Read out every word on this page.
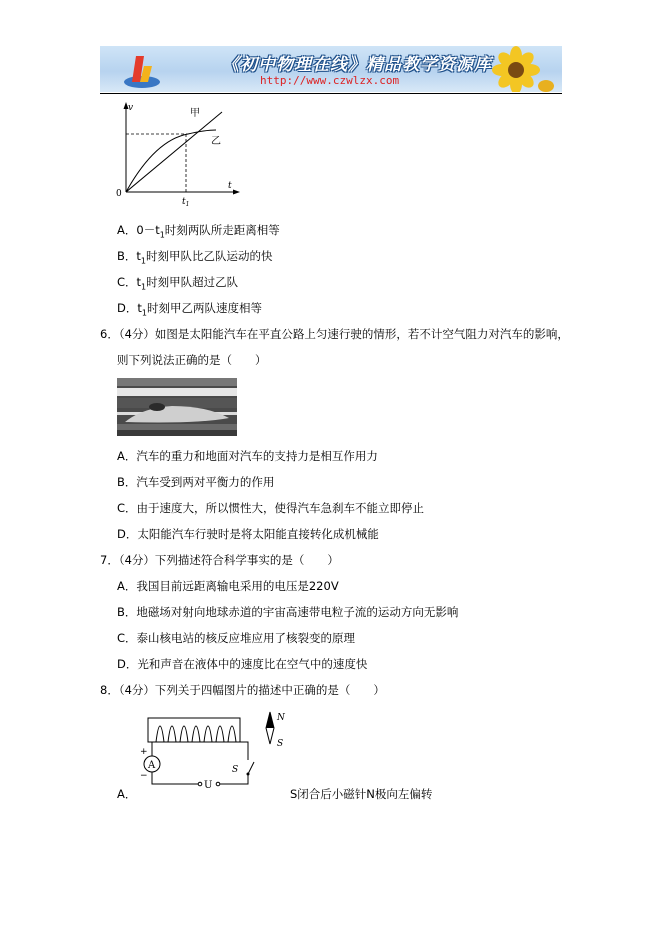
《初中物理在线》精品教学资源库
http://www.czwlzx.com
v
t
0
$t_1$
甲
乙
A．$0-t_1$时刻两队所走距离相等
B．$t_1$时刻甲队比乙队运动的快
C．$t_1$时刻甲队超过乙队
D．$t_1$时刻甲乙两队速度相等
6．（4分）如图是太阳能汽车在平直公路上匀速行驶的情形，若不计空气阻力对汽车的影响，
则下列说法正确的是（　　）
A．汽车的重力和地面对汽车的支持力是相互作用力
B．汽车受到两对平衡力的作用
C．由于速度大，所以惯性大，使得汽车急刹车不能立即停止
D．太阳能汽车行驶时是将太阳能直接转化成机械能
7．（4分）下列描述符合科学事实的是（　　）
A．我国目前远距离输电采用的电压是220V
B．地磁场对射向地球赤道的宇宙高速带电粒子流的运动方向无影响
C．泰山核电站的核反应堆应用了核裂变的原理
D．光和声音在液体中的速度比在空气中的速度快
8．（4分）下列关于四幅图片的描述中正确的是（　　）
A
+
−
U
S
N
S
A．	S闭合后小磁针N极向左偏转
